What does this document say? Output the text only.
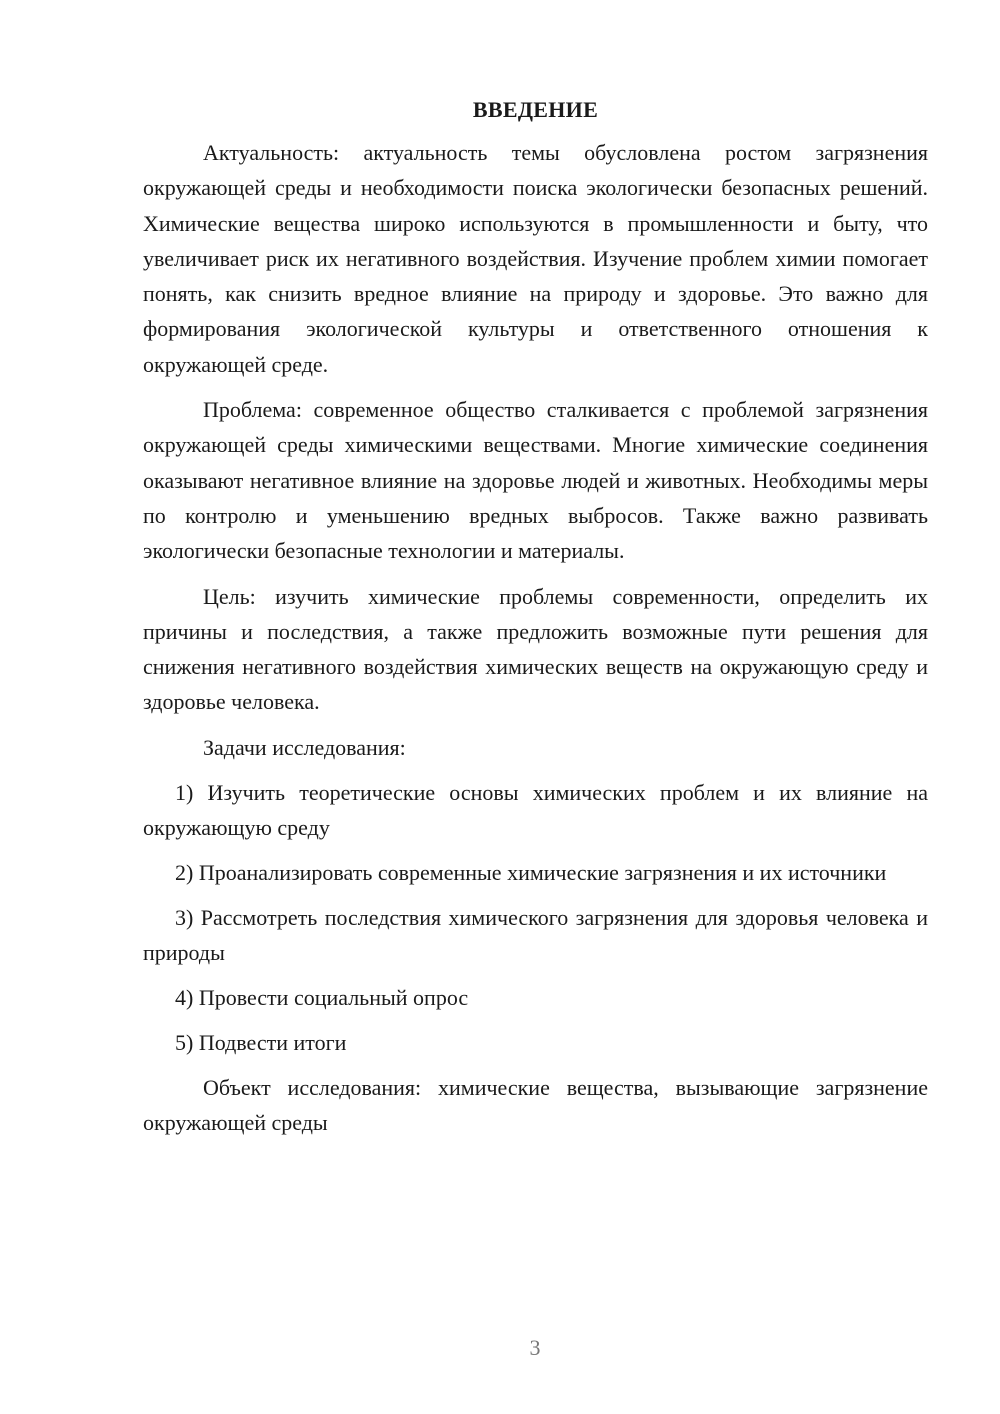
ВВЕДЕНИЕ

Актуальность: актуальность темы обусловлена ростом загрязнения окружающей среды и необходимости поиска экологически безопасных решений. Химические вещества широко используются в промышленности и быту, что увеличивает риск их негативного воздействия. Изучение проблем химии помогает понять, как снизить вредное влияние на природу и здоровье. Это важно для формирования экологической культуры и ответственного отношения к окружающей среде.

Проблема: современное общество сталкивается с проблемой загрязнения окружающей среды химическими веществами. Многие химические соединения оказывают негативное влияние на здоровье людей и животных. Необходимы меры по контролю и уменьшению вредных выбросов. Также важно развивать экологически безопасные технологии и материалы.

Цель: изучить химические проблемы современности, определить их причины и последствия, а также предложить возможные пути решения для снижения негативного воздействия химических веществ на окружающую среду и здоровье человека.

Задачи исследования:

1) Изучить теоретические основы химических проблем и их влияние на окружающую среду

2) Проанализировать современные химические загрязнения и их источники

3) Рассмотреть последствия химического загрязнения для здоровья человека и природы

4) Провести социальный опрос

5) Подвести итоги

Объект исследования: химические вещества, вызывающие загрязнение окружающей среды

3
